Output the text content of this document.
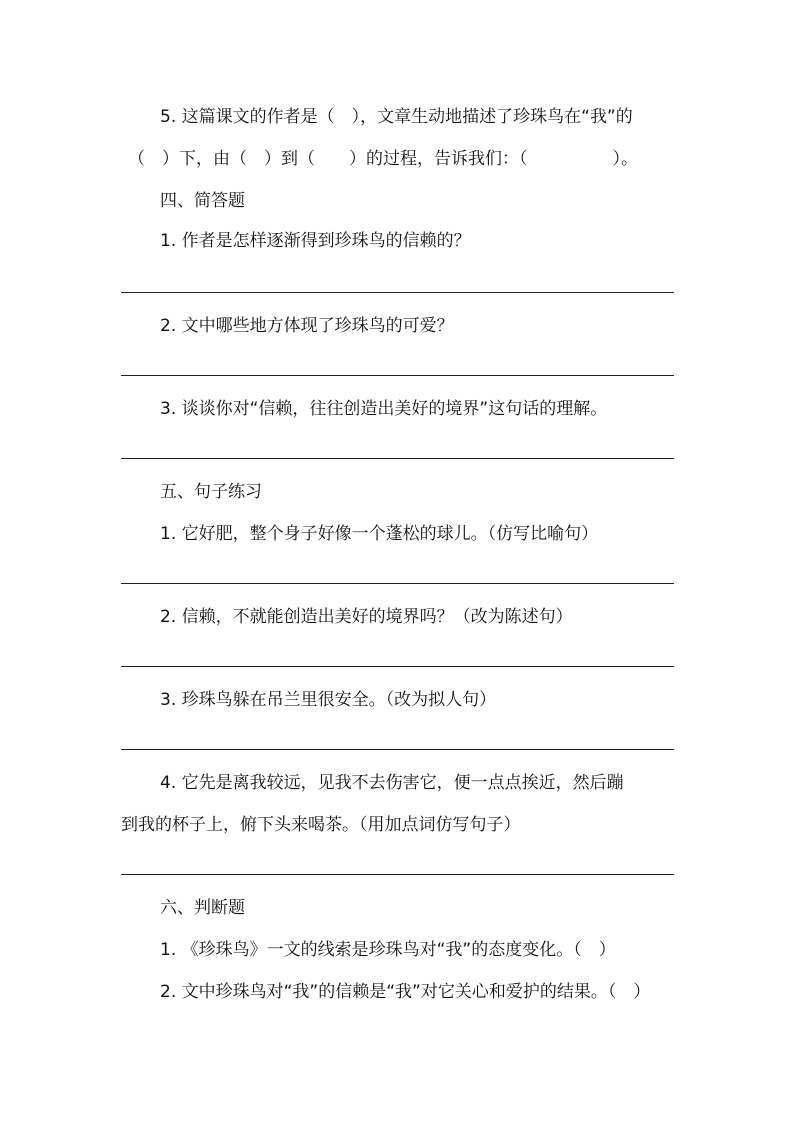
5. 这篇课文的作者是（　），文章生动地描述了珍珠鸟在“我”的
（　）下，由（　）到（　　）的过程，告诉我们：（　　　　　）。
四、简答题
1. 作者是怎样逐渐得到珍珠鸟的信赖的？
2. 文中哪些地方体现了珍珠鸟的可爱？
3. 谈谈你对“信赖，往往创造出美好的境界”这句话的理解。
五、句子练习
1. 它好肥，整个身子好像一个蓬松的球儿。（仿写比喻句）
2. 信赖，不就能创造出美好的境界吗？（改为陈述句）
3. 珍珠鸟躲在吊兰里很安全。（改为拟人句）
4. 它先是离我较远，见我不去伤害它，便一点点挨近，然后蹦
到我的杯子上，俯下头来喝茶。（用加点词仿写句子）
六、判断题
1. 《珍珠鸟》一文的线索是珍珠鸟对“我”的态度变化。（　）
2. 文中珍珠鸟对“我”的信赖是“我”对它关心和爱护的结果。（　）
